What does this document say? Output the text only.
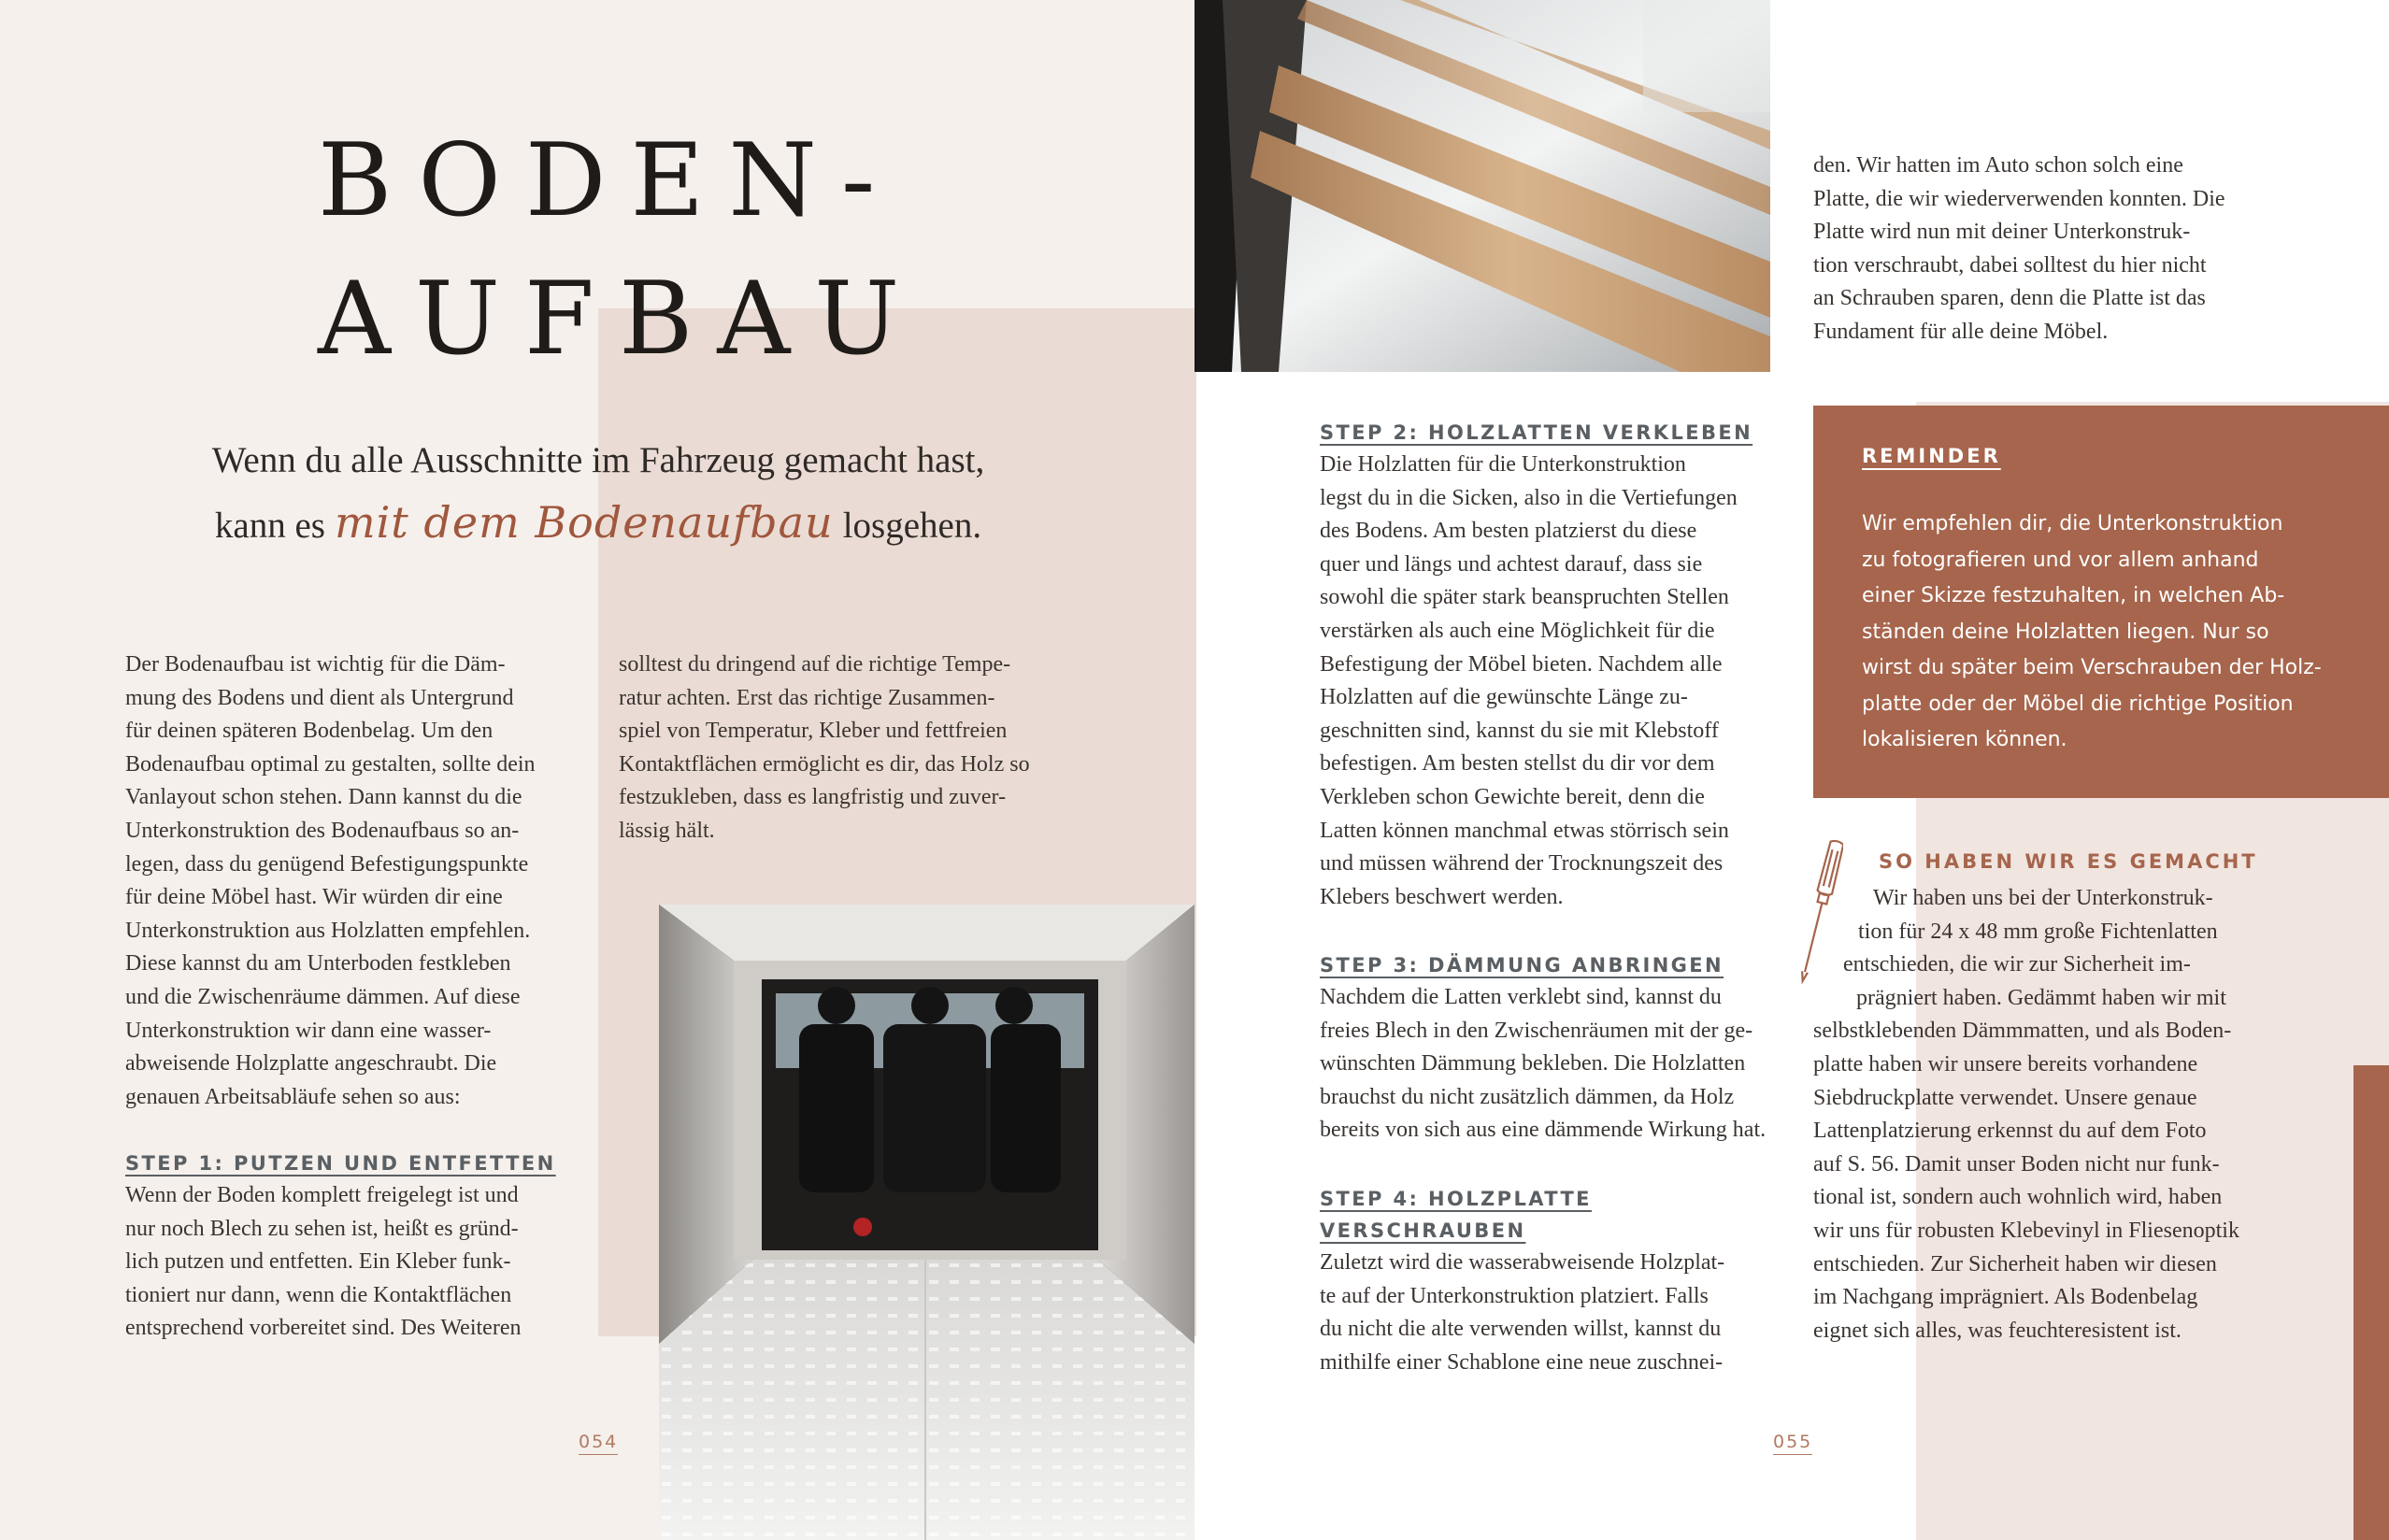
BODEN-
AUFBAU
Wenn du alle Ausschnitte im Fahrzeug gemacht hast,
kann es mit dem Bodenaufbau losgehen.

Der Bodenaufbau ist wichtig für die Däm-

mung des Bodens und dient als Untergrund

für deinen späteren Bodenbelag. Um den

Bodenaufbau optimal zu gestalten, sollte dein

Vanlayout schon stehen. Dann kannst du die

Unterkonstruktion des Bodenaufbaus so an-

legen, dass du genügend Befestigungspunkte

für deine Möbel hast. Wir würden dir eine

Unterkonstruktion aus Holzlatten empfehlen.

Diese kannst du am Unterboden festkleben

und die Zwischenräume dämmen. Auf diese

Unterkonstruktion wir dann eine wasser-

abweisende Holzplatte angeschraubt. Die

genauen Arbeitsabläufe sehen so aus:

STEP 1: PUTZEN UND ENTFETTEN

Wenn der Boden komplett freigelegt ist und

nur noch Blech zu sehen ist, heißt es gründ-

lich putzen und entfetten. Ein Kleber funk-

tioniert nur dann, wenn die Kontaktflächen

entsprechend vorbereitet sind. Des Weiteren

solltest du dringend auf die richtige Tempe-

ratur achten. Erst das richtige Zusammen-

spiel von Temperatur, Kleber und fettfreien

Kontaktflächen ermöglicht es dir, das Holz so

festzukleben, dass es langfristig und zuver-

lässig hält.

054

STEP 2: HOLZLATTEN VERKLEBEN

Die Holzlatten für die Unterkonstruktion

legst du in die Sicken, also in die Vertiefungen

des Bodens. Am besten platzierst du diese

quer und längs und achtest darauf, dass sie

sowohl die später stark beanspruchten Stellen

verstärken als auch eine Möglichkeit für die

Befestigung der Möbel bieten. Nachdem alle

Holzlatten auf die gewünschte Länge zu-

geschnitten sind, kannst du sie mit Klebstoff

befestigen. Am besten stellst du dir vor dem

Verkleben schon Gewichte bereit, denn die

Latten können manchmal etwas störrisch sein

und müssen während der Trocknungszeit des

Klebers beschwert werden.

STEP 3: DÄMMUNG ANBRINGEN

Nachdem die Latten verklebt sind, kannst du

freies Blech in den Zwischenräumen mit der ge-

wünschten Dämmung bekleben. Die Holzlatten

brauchst du nicht zusätzlich dämmen, da Holz

bereits von sich aus eine dämmende Wirkung hat.

STEP 4: HOLZPLATTE VERSCHRAUBEN

Zuletzt wird die wasserabweisende Holzplat-

te auf der Unterkonstruktion platziert. Falls

du nicht die alte verwenden willst, kannst du

mithilfe einer Schablone eine neue zuschnei-

den. Wir hatten im Auto schon solch eine

Platte, die wir wiederverwenden konnten. Die

Platte wird nun mit deiner Unterkonstruk-

tion verschraubt, dabei solltest du hier nicht

an Schrauben sparen, denn die Platte ist das

Fundament für alle deine Möbel.

REMINDER
Wir empfehlen dir, die Unterkonstruktion
zu fotografieren und vor allem anhand
einer Skizze festzuhalten, in welchen Ab-
ständen deine Holzlatten liegen. Nur so
wirst du später beim Verschrauben der Holz-
platte oder der Möbel die richtige Position
lokalisieren können.
SO HABEN WIR ES GEMACHT

Wir haben uns bei der Unterkonstruk-

tion für 24 x 48 mm große Fichtenlatten

entschieden, die wir zur Sicherheit im-

prägniert haben. Gedämmt haben wir mit

selbstklebenden Dämmmatten, und als Boden-

platte haben wir unsere bereits vorhandene

Siebdruckplatte verwendet. Unsere genaue

Lattenplatzierung erkennst du auf dem Foto

auf S. 56. Damit unser Boden nicht nur funk-

tional ist, sondern auch wohnlich wird, haben

wir uns für robusten Klebevinyl in Fliesenoptik

entschieden. Zur Sicherheit haben wir diesen

im Nachgang imprägniert. Als Bodenbelag

eignet sich alles, was feuchteresistent ist.

055
